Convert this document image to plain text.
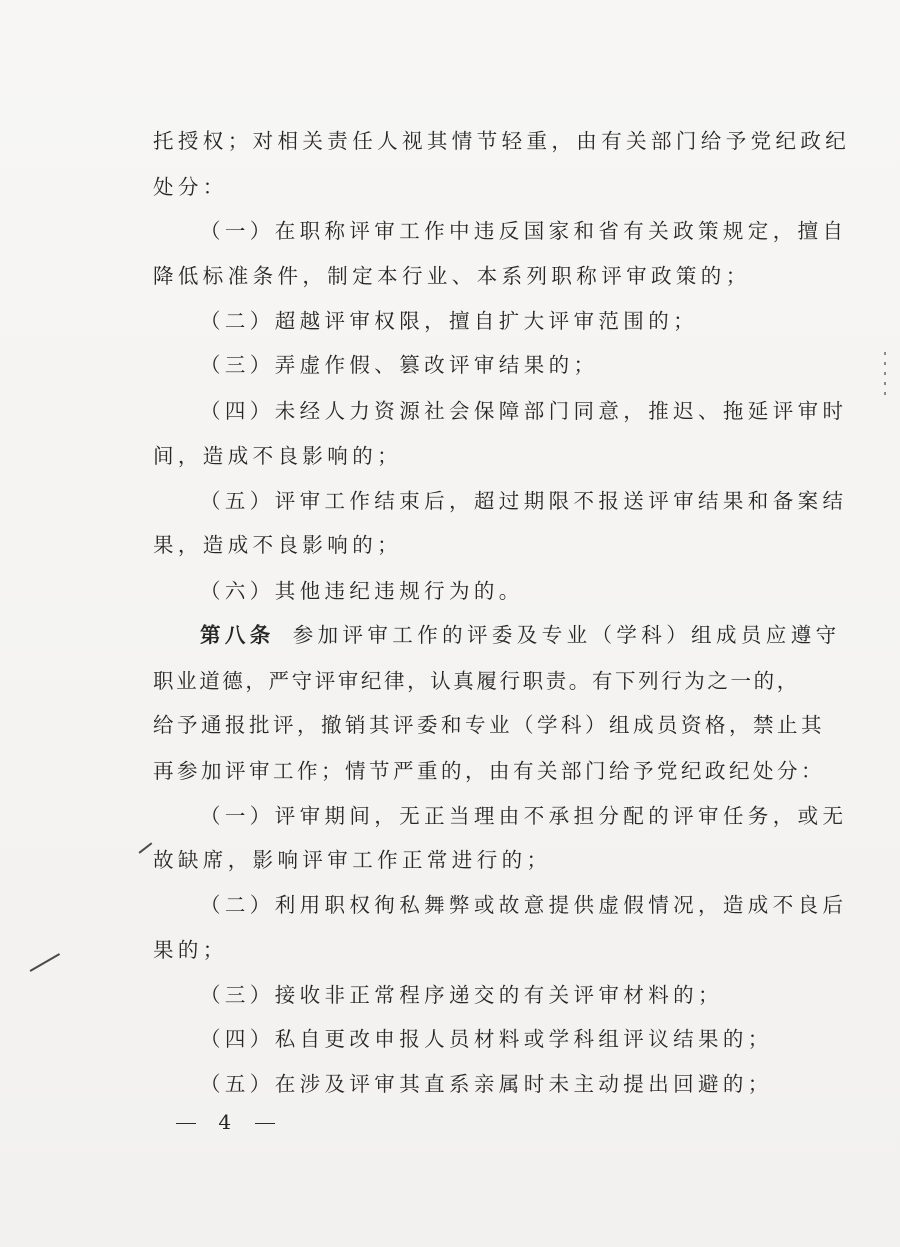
托授权；对相关责任人视其情节轻重，由有关部门给予党纪政纪
处分：
（一）在职称评审工作中违反国家和省有关政策规定，擅自
降低标准条件，制定本行业、本系列职称评审政策的；
（二）超越评审权限，擅自扩大评审范围的；
（三）弄虚作假、篡改评审结果的；
（四）未经人力资源社会保障部门同意，推迟、拖延评审时
间，造成不良影响的；
（五）评审工作结束后，超过期限不报送评审结果和备案结
果，造成不良影响的；
（六）其他违纪违规行为的。
第八条 参加评审工作的评委及专业（学科）组成员应遵守
职业道德，严守评审纪律，认真履行职责。有下列行为之一的，
给予通报批评，撤销其评委和专业（学科）组成员资格，禁止其
再参加评审工作；情节严重的，由有关部门给予党纪政纪处分：
（一）评审期间，无正当理由不承担分配的评审任务，或无
故缺席，影响评审工作正常进行的；
（二）利用职权徇私舞弊或故意提供虚假情况，造成不良后
果的；
（三）接收非正常程序递交的有关评审材料的；
（四）私自更改申报人员材料或学科组评议结果的；
（五）在涉及评审其直系亲属时未主动提出回避的；
4
